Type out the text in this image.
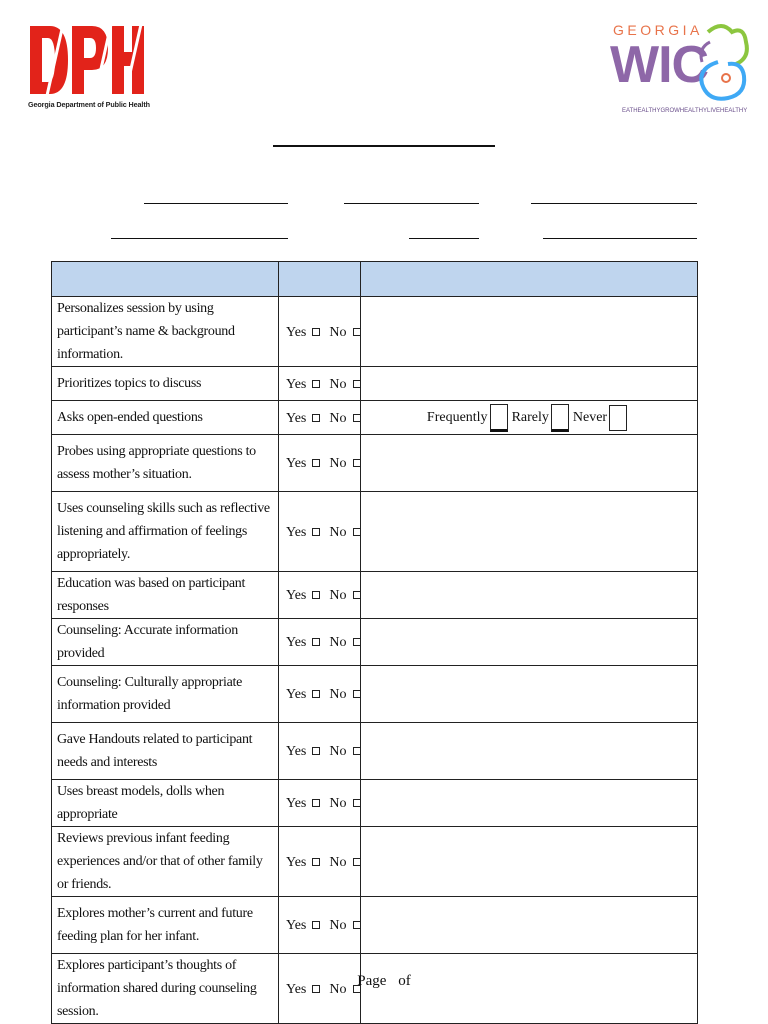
Georgia Department of Public Health
GEORGIA
WIC
EATHEALTHYGROWHEALTHYLIVEHEALTHY

Personalizes session by using participant’s name & background information.	Yes No	

Prioritizes topics to discuss	Yes No	

Asks open-ended questions	Yes No	Frequently Rarely Never

Probes using appropriate questions to assess mother’s situation.	Yes No	

Uses counseling skills such as reflective listening and affirmation of feelings appropriately.	Yes No	

Education was based on participant responses	Yes No	

Counseling: Accurate information provided	Yes No	

Counseling: Culturally appropriate information provided	Yes No	

Gave Handouts related to participant needs and interests	Yes No	

Uses breast models, dolls when appropriate	Yes No	

Reviews previous infant feeding experiences and/or that of other family or friends.	Yes No	

Explores mother’s current and future feeding plan for her infant.	Yes No	

Explores participant’s thoughts of information shared during counseling session.	Yes No	Page of
